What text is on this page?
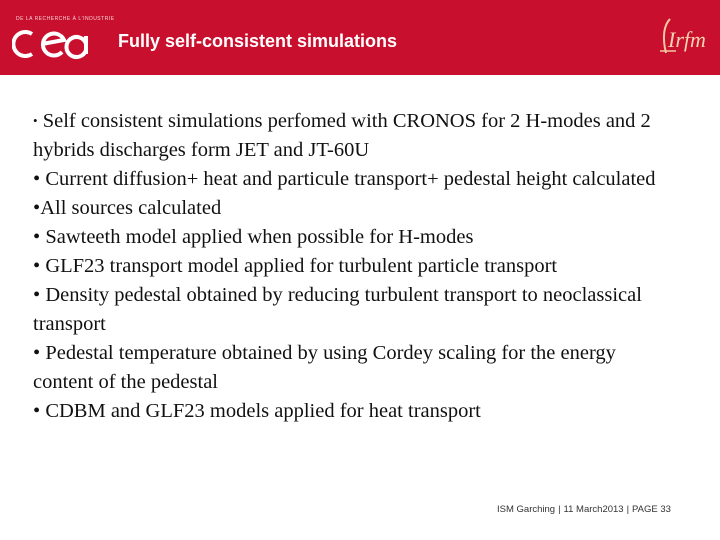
DE LA RECHERCHE À L'INDUSTRIE
Fully self-consistent simulations	Irfm
• Self consistent simulations perfomed with CRONOS for 2 H-modes and 2 hybrids discharges form JET and JT-60U
• Current diffusion+ heat and particule transport+ pedestal height calculated
•All sources calculated
• Sawteeth model applied when possible for H-modes
• GLF23 transport model applied for turbulent particle transport
• Density pedestal obtained by reducing turbulent transport to neoclassical transport
• Pedestal temperature obtained by using Cordey scaling for the energy content of the pedestal
• CDBM and GLF23 models applied for heat transport
ISM Garching | 11 March2013 | PAGE 33
